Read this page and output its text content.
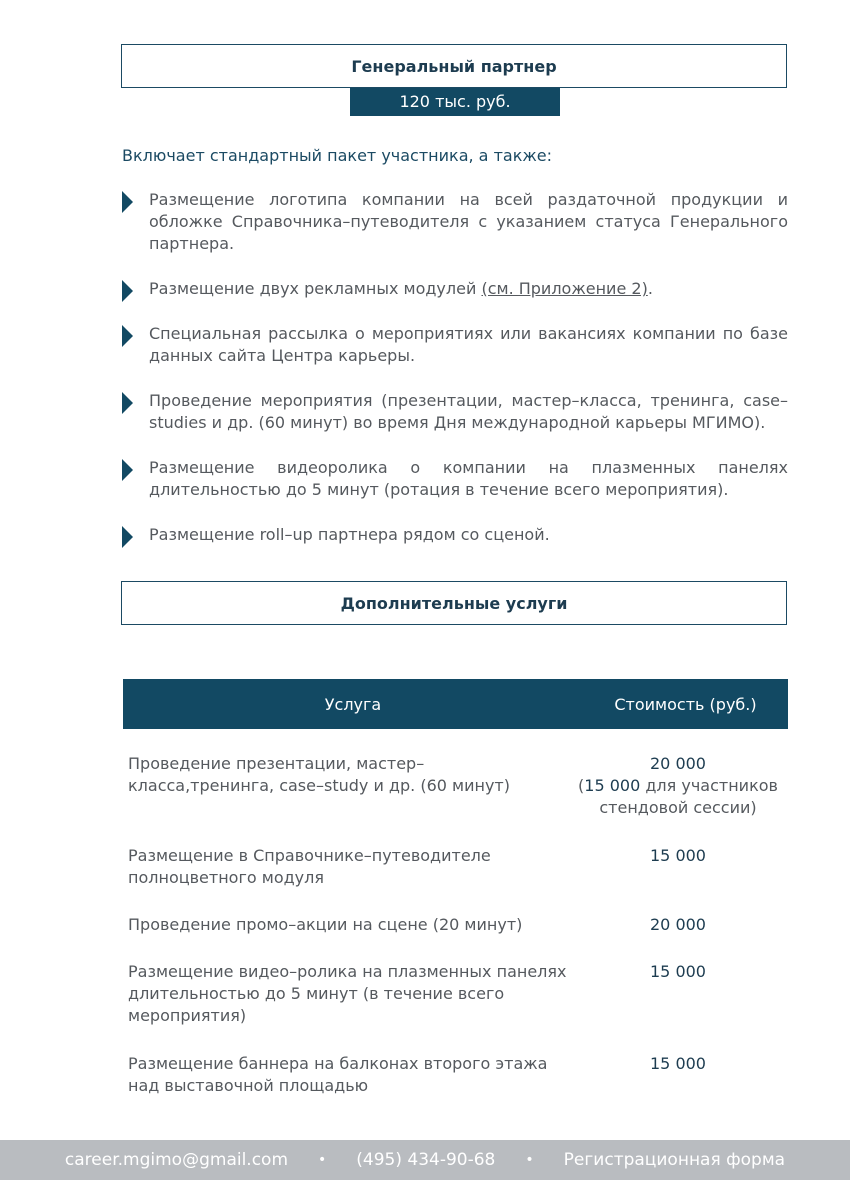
Генеральный партнер
120 тыс. руб.
Включает стандартный пакет участника, а также:
Размещение логотипа компании на всей раздаточной продукции и обложке Справочника–путеводителя с указанием статуса Генерального партнера.
Размещение двух рекламных модулей (см. Приложение 2).
Специальная рассылка о мероприятиях или вакансиях компании по базе данных сайта Центра карьеры.
Проведение мероприятия (презентации, мастер–класса, тренинга, case–studies и др. (60 минут) во время Дня международной карьеры МГИМО).
Размещение видеоролика о компании на плазменных панелях длительностью до 5 минут (ротация в течение всего мероприятия).
Размещение roll–up партнера рядом со сценой.
Дополнительные услуги
Услуга	Стоимость (руб.)
Проведение презентации, мастер–класса,тренинга, case–study и др. (60 минут)
20 000
(15 000 для участников стендовой сессии)
Размещение в Справочнике–путеводителе полноцветного модуля
15 000
Проведение промо–акции на сцене (20 минут)	20 000
Размещение видео–ролика на плазменных панелях длительностью до 5 минут (в течение всего мероприятия)
15 000
Размещение баннера на балконах второго этажа над выставочной площадью
15 000
career.mgimo@gmail.com • (495) 434-90-68 • Регистрационная форма
